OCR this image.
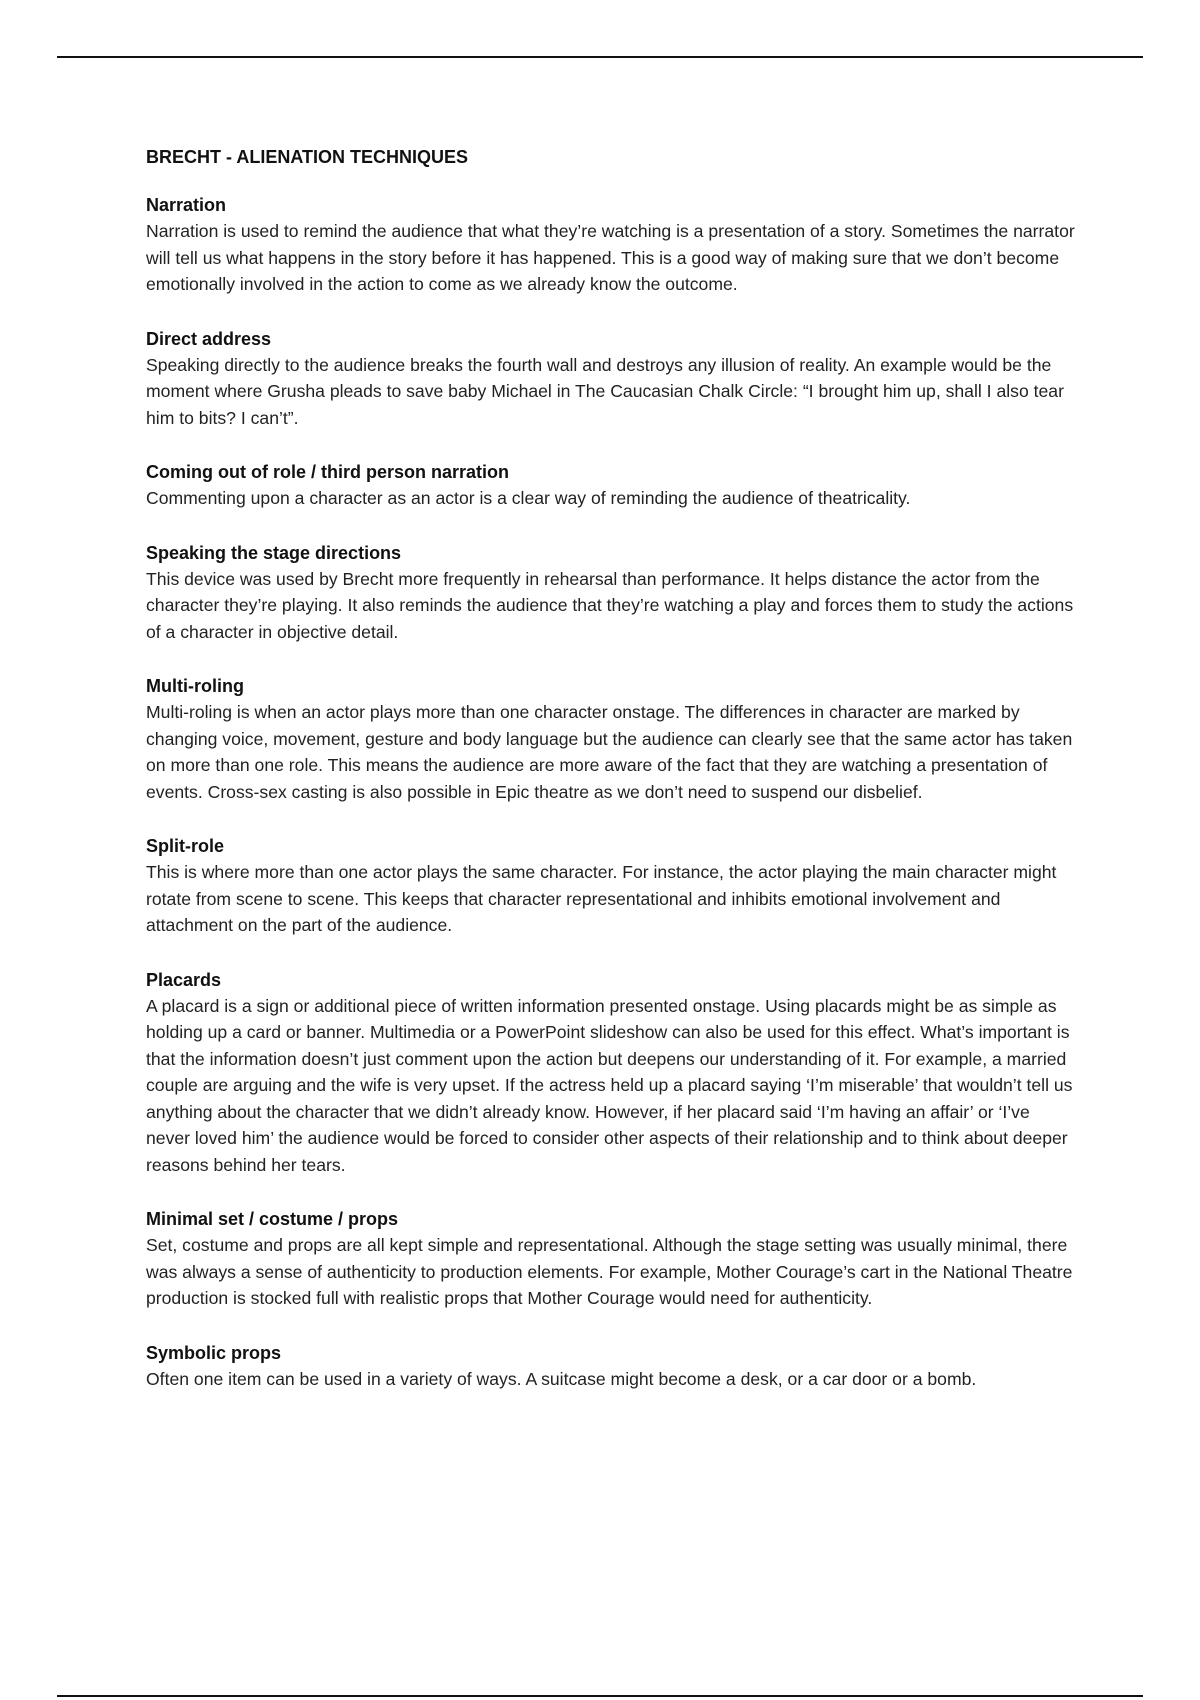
BRECHT - ALIENATION TECHNIQUES
Narration
Narration is used to remind the audience that what they’re watching is a presentation of a story. Sometimes the narrator will tell us what happens in the story before it has happened. This is a good way of making sure that we don’t become emotionally involved in the action to come as we already know the outcome.
Direct address
Speaking directly to the audience breaks the fourth wall and destroys any illusion of reality. An example would be the moment where Grusha pleads to save baby Michael in The Caucasian Chalk Circle: “I brought him up, shall I also tear him to bits? I can’t”.
Coming out of role / third person narration
Commenting upon a character as an actor is a clear way of reminding the audience of theatricality.
Speaking the stage directions
This device was used by Brecht more frequently in rehearsal than performance. It helps distance the actor from the character they’re playing. It also reminds the audience that they’re watching a play and forces them to study the actions of a character in objective detail.
Multi-roling
Multi-roling is when an actor plays more than one character onstage. The differences in character are marked by changing voice, movement, gesture and body language but the audience can clearly see that the same actor has taken on more than one role. This means the audience are more aware of the fact that they are watching a presentation of events. Cross-sex casting is also possible in Epic theatre as we don’t need to suspend our disbelief.
Split-role
This is where more than one actor plays the same character. For instance, the actor playing the main character might rotate from scene to scene. This keeps that character representational and inhibits emotional involvement and attachment on the part of the audience.
Placards
A placard is a sign or additional piece of written information presented onstage. Using placards might be as simple as holding up a card or banner. Multimedia or a PowerPoint slideshow can also be used for this effect. What’s important is that the information doesn’t just comment upon the action but deepens our understanding of it. For example, a married couple are arguing and the wife is very upset. If the actress held up a placard saying ‘I’m miserable’ that wouldn’t tell us anything about the character that we didn’t already know. However, if her placard said ‘I’m having an affair’ or ‘I’ve never loved him’ the audience would be forced to consider other aspects of their relationship and to think about deeper reasons behind her tears.
Minimal set / costume / props
Set, costume and props are all kept simple and representational. Although the stage setting was usually minimal, there was always a sense of authenticity to production elements. For example, Mother Courage’s cart in the National Theatre production is stocked full with realistic props that Mother Courage would need for authenticity.
Symbolic props
Often one item can be used in a variety of ways. A suitcase might become a desk, or a car door or a bomb.
